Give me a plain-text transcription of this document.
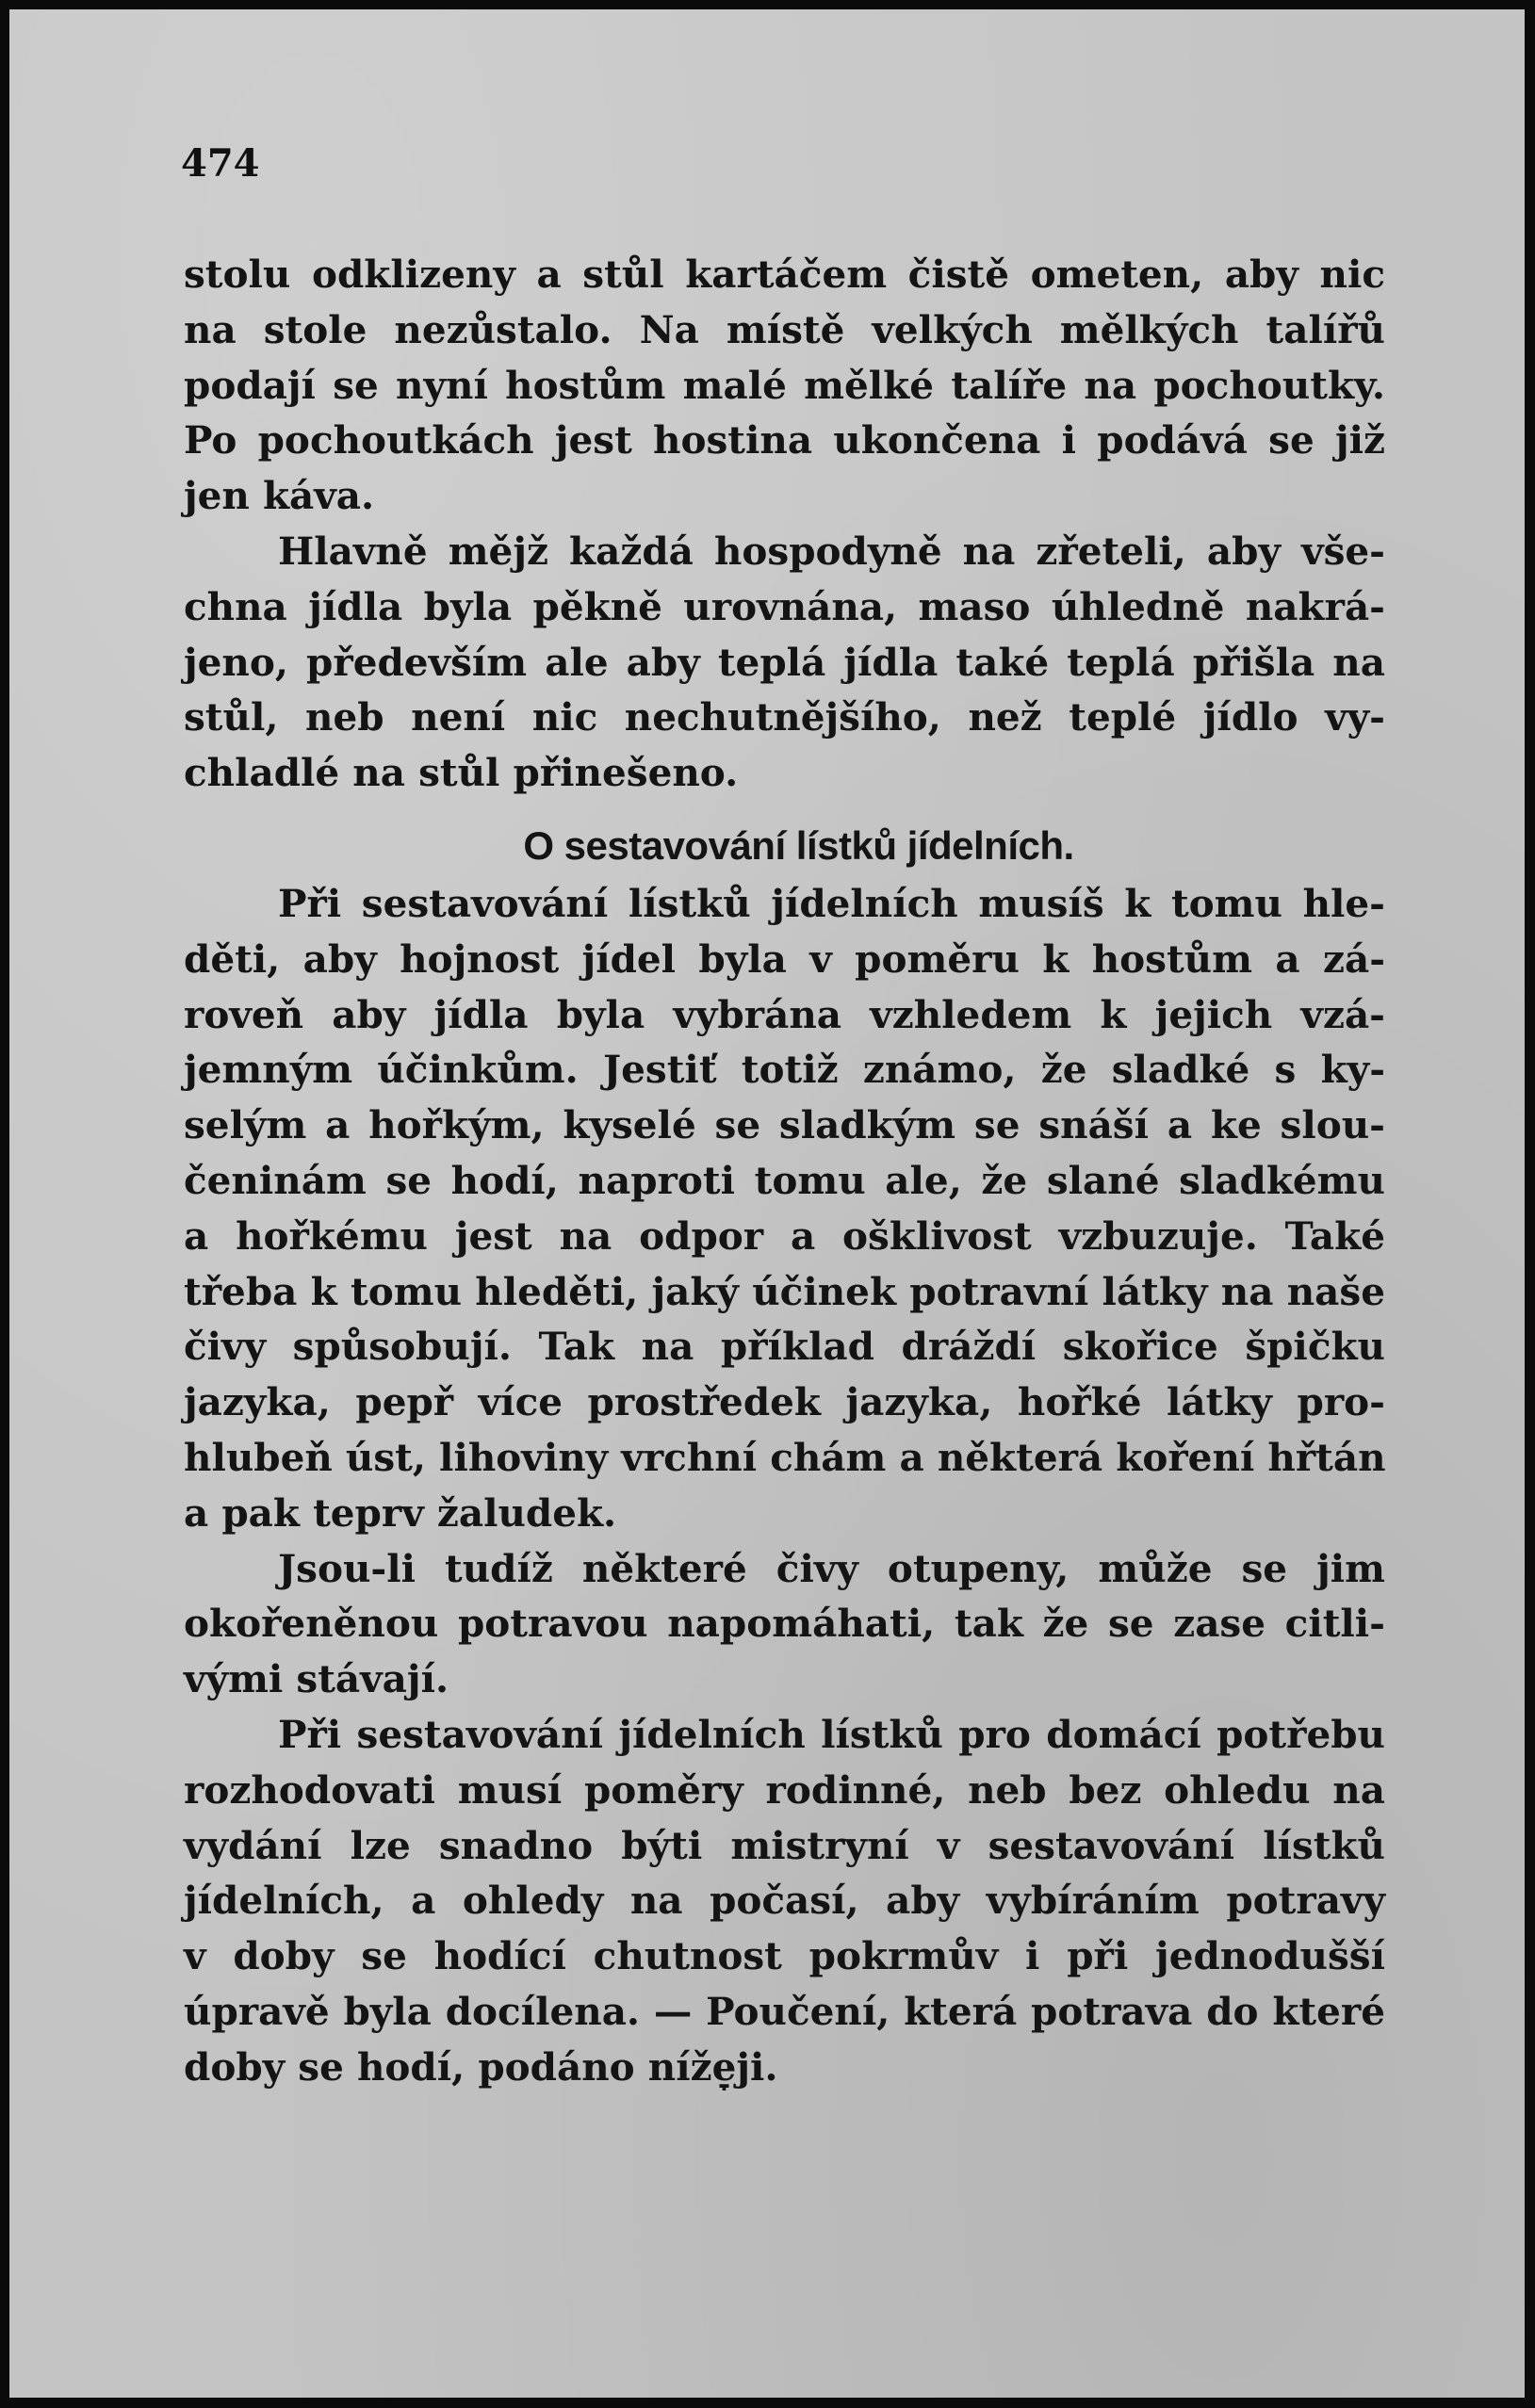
474

stolu odklizeny a stůl kartáčem čistě ometen, aby nic
na stole nezůstalo. Na místě velkých mělkých talířů
podají se nyní hostům malé mělké talíře na pochoutky.
Po pochoutkách jest hostina ukončena i podává se již
jen káva.
Hlavně mějž každá hospodyně na zřeteli, aby vše-
chna jídla byla pěkně urovnána, maso úhledně nakrá-
jeno, především ale aby teplá jídla také teplá přišla na
stůl, neb není nic nechutnějšího, než teplé jídlo vy-
chladlé na stůl přinešeno.
O sestavování lístků jídelních.
Při sestavování lístků jídelních musíš k tomu hle-
děti, aby hojnost jídel byla v poměru k hostům a zá-
roveň aby jídla byla vybrána vzhledem k jejich vzá-
jemným účinkům. Jestiť totiž známo, že sladké s ky-
selým a hořkým, kyselé se sladkým se snáší a ke slou-
čeninám se hodí, naproti tomu ale, že slané sladkému
a hořkému jest na odpor a ošklivost vzbuzuje. Také
třeba k tomu hleděti, jaký účinek potravní látky na naše
čivy spůsobují. Tak na příklad dráždí skořice špičku
jazyka, pepř více prostředek jazyka, hořké látky pro-
hlubeň úst, lihoviny vrchní chám a některá koření hřtán
a pak teprv žaludek.
Jsou-li tudíž některé čivy otupeny, může se jim
okořeněnou potravou napomáhati, tak že se zase citli-
vými stávají.
Při sestavování jídelních lístků pro domácí potřebu
rozhodovati musí poměry rodinné, neb bez ohledu na
vydání lze snadno býti mistryní v sestavování lístků
jídelních, a ohledy na počasí, aby vybíráním potravy
v doby se hodící chutnost pokrmův i při jednodušší
úpravě byla docílena. — Poučení, která potrava do které
doby se hodí, podáno níže̞ji.
